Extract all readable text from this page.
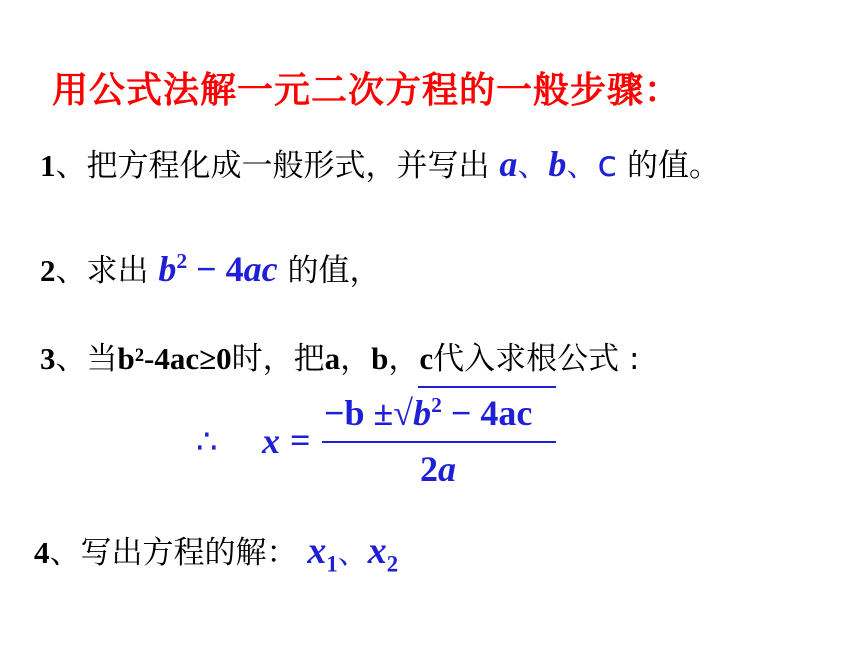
用公式法解一元二次方程的一般步骤：
1、把方程化成一般形式，并写出 a、b、c 的值。
2、求出 $b^2 - 4ac$ 的值，
3、当b²-4ac≥0时，把a，b，c代入求根公式 :
∴ x =
$-b \pm√b^2 - 4ac$
2a
4、写出方程的解： $x_1$、$x_2$
